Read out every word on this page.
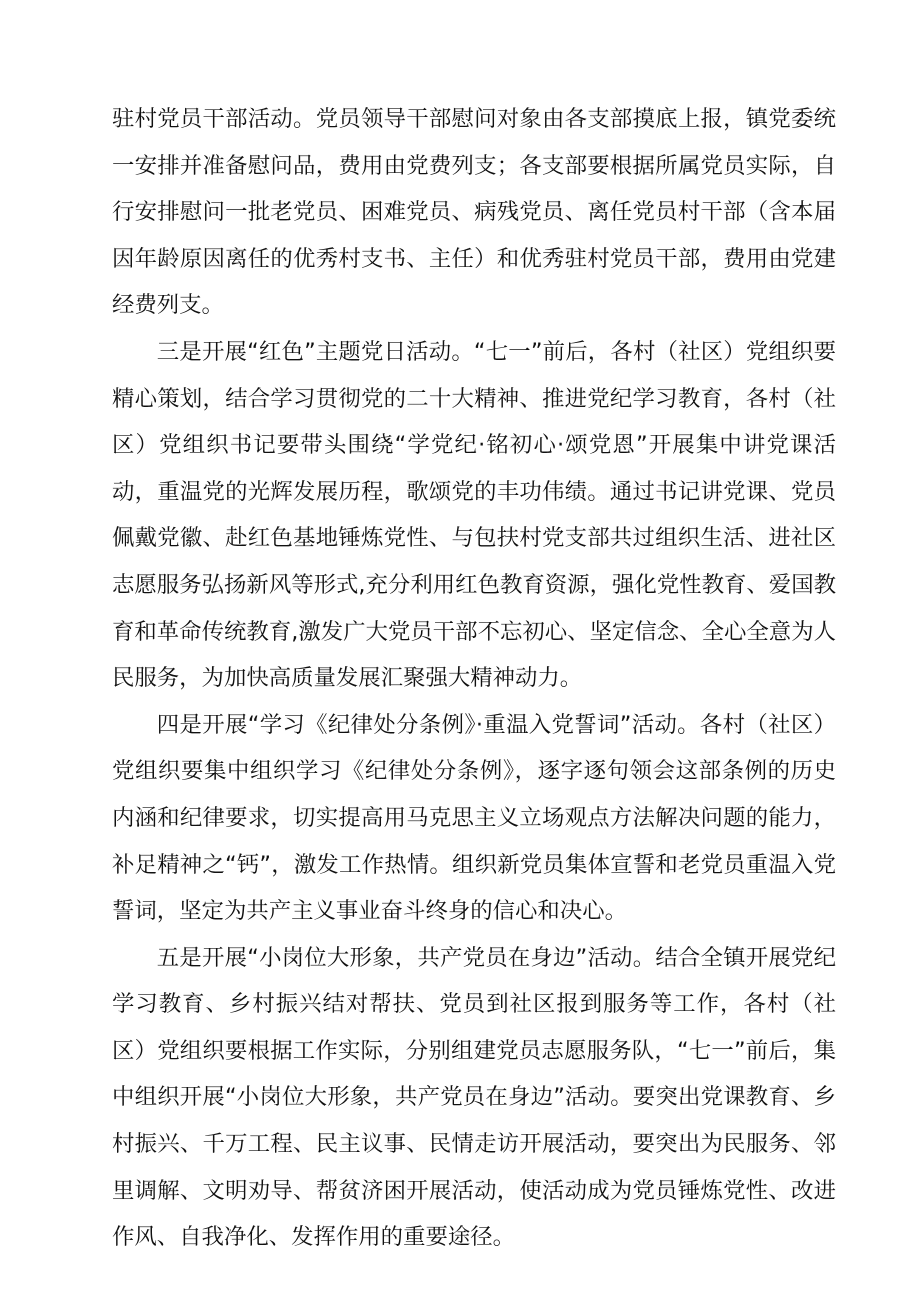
驻村党员干部活动。党员领导干部慰问对象由各支部摸底上报，镇党委统一安排并准备慰问品，费用由党费列支；各支部要根据所属党员实际，自行安排慰问一批老党员、困难党员、病残党员、离任党员村干部（含本届因年龄原因离任的优秀村支书、主任）和优秀驻村党员干部，费用由党建经费列支。

三是开展“红色”主题党日活动。“七一”前后，各村（社区）党组织要精心策划，结合学习贯彻党的二十大精神、推进党纪学习教育，各村（社区）党组织书记要带头围绕“学党纪·铭初心·颂党恩”开展集中讲党课活动，重温党的光辉发展历程，歌颂党的丰功伟绩。通过书记讲党课、党员佩戴党徽、赴红色基地锤炼党性、与包扶村党支部共过组织生活、进社区志愿服务弘扬新风等形式,充分利用红色教育资源，强化党性教育、爱国教育和革命传统教育,激发广大党员干部不忘初心、坚定信念、全心全意为人民服务，为加快高质量发展汇聚强大精神动力。

四是开展“学习《纪律处分条例》·重温入党誓词”活动。各村（社区）党组织要集中组织学习《纪律处分条例》，逐字逐句领会这部条例的历史内涵和纪律要求，切实提高用马克思主义立场观点方法解决问题的能力，补足精神之“钙”，激发工作热情。组织新党员集体宣誓和老党员重温入党誓词，坚定为共产主义事业奋斗终身的信心和决心。

五是开展“小岗位大形象，共产党员在身边”活动。结合全镇开展党纪学习教育、乡村振兴结对帮扶、党员到社区报到服务等工作，各村（社区）党组织要根据工作实际，分别组建党员志愿服务队，“七一”前后，集中组织开展“小岗位大形象，共产党员在身边”活动。要突出党课教育、乡村振兴、千万工程、民主议事、民情走访开展活动，要突出为民服务、邻里调解、文明劝导、帮贫济困开展活动，使活动成为党员锤炼党性、改进作风、自我净化、发挥作用的重要途径。
